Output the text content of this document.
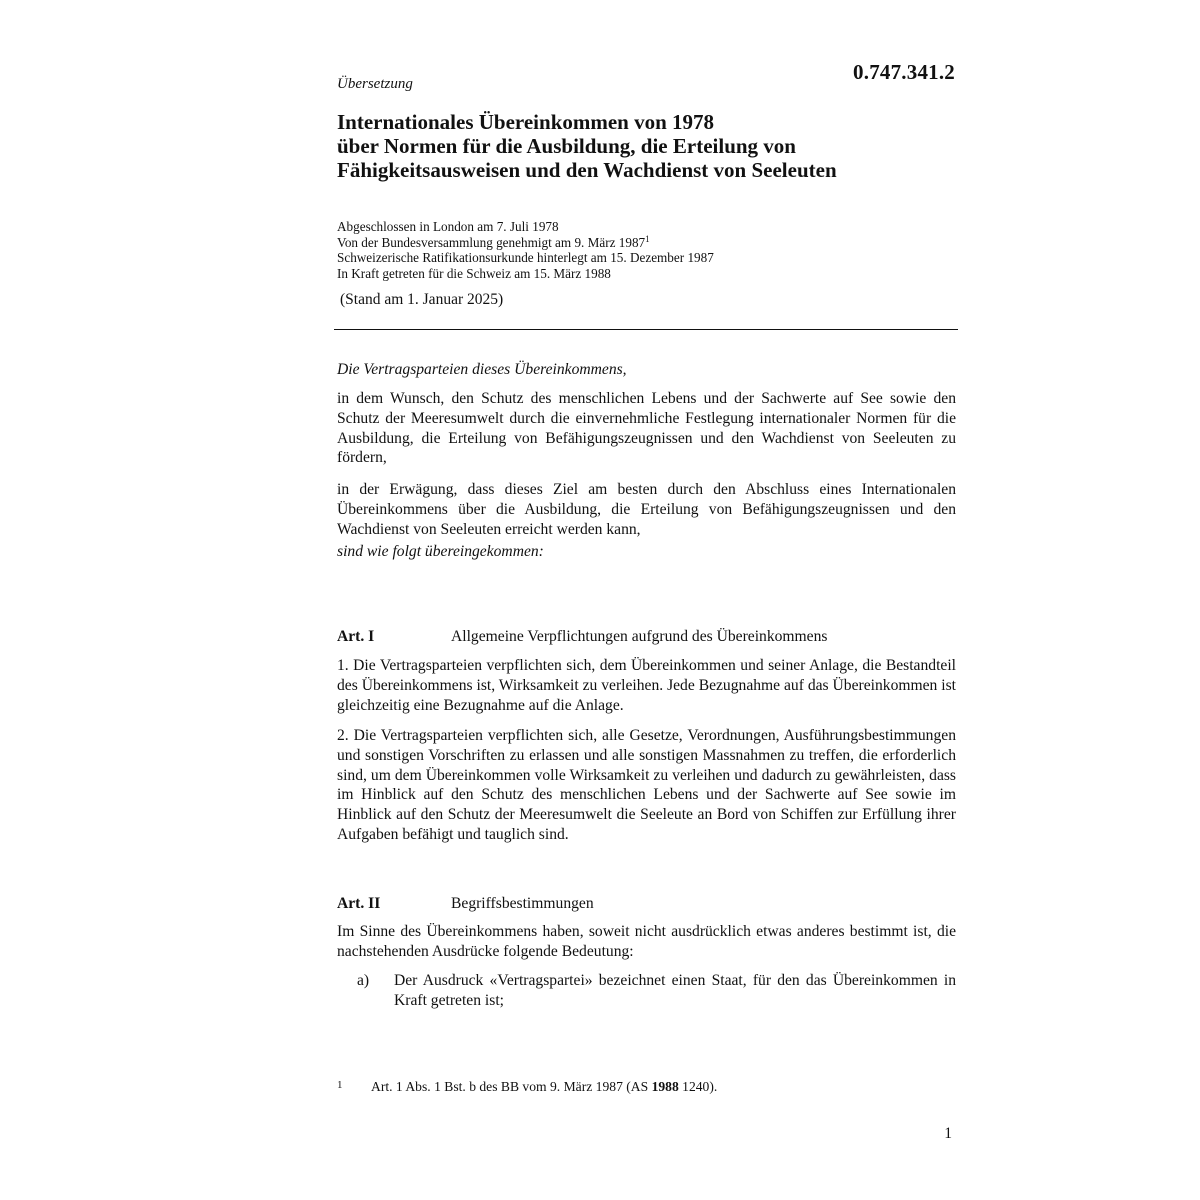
0.747.341.2
Übersetzung
Internationales Übereinkommen von 1978
über Normen für die Ausbildung, die Erteilung von
Fähigkeitsausweisen und den Wachdienst von Seeleuten
Abgeschlossen in London am 7. Juli 1978
Von der Bundesversammlung genehmigt am 9. März 1987$^1$
Schweizerische Ratifikationsurkunde hinterlegt am 15. Dezember 1987
In Kraft getreten für die Schweiz am 15. März 1988
(Stand am 1. Januar 2025)
Die Vertragsparteien dieses Übereinkommens,
in dem Wunsch, den Schutz des menschlichen Lebens und der Sachwerte auf See sowie den Schutz der Meeresumwelt durch die einvernehmliche Festlegung internationaler Normen für die Ausbildung, die Erteilung von Befähigungszeugnissen und den Wachdienst von Seeleuten zu fördern,
in der Erwägung, dass dieses Ziel am besten durch den Abschluss eines Internationalen Übereinkommens über die Ausbildung, die Erteilung von Befähigungszeugnissen und den Wachdienst von Seeleuten erreicht werden kann,
sind wie folgt übereingekommen:
Art. I	Allgemeine Verpflichtungen aufgrund des Übereinkommens
1. Die Vertragsparteien verpflichten sich, dem Übereinkommen und seiner Anlage, die Bestandteil des Übereinkommens ist, Wirksamkeit zu verleihen. Jede Bezugnahme auf das Übereinkommen ist gleichzeitig eine Bezugnahme auf die Anlage.
2. Die Vertragsparteien verpflichten sich, alle Gesetze, Verordnungen, Ausführungsbestimmungen und sonstigen Vorschriften zu erlassen und alle sonstigen Massnahmen zu treffen, die erforderlich sind, um dem Übereinkommen volle Wirksamkeit zu verleihen und dadurch zu gewährleisten, dass im Hinblick auf den Schutz des menschlichen Lebens und der Sachwerte auf See sowie im Hinblick auf den Schutz der Meeresumwelt die Seeleute an Bord von Schiffen zur Erfüllung ihrer Aufgaben befähigt und tauglich sind.
Art. II	Begriffsbestimmungen
Im Sinne des Übereinkommens haben, soweit nicht ausdrücklich etwas anderes bestimmt ist, die nachstehenden Ausdrücke folgende Bedeutung:
a) Der Ausdruck «Vertragspartei» bezeichnet einen Staat, für den das Übereinkommen in Kraft getreten ist;
1 Art. 1 Abs. 1 Bst. b des BB vom 9. März 1987 (AS 1988 1240).
1
